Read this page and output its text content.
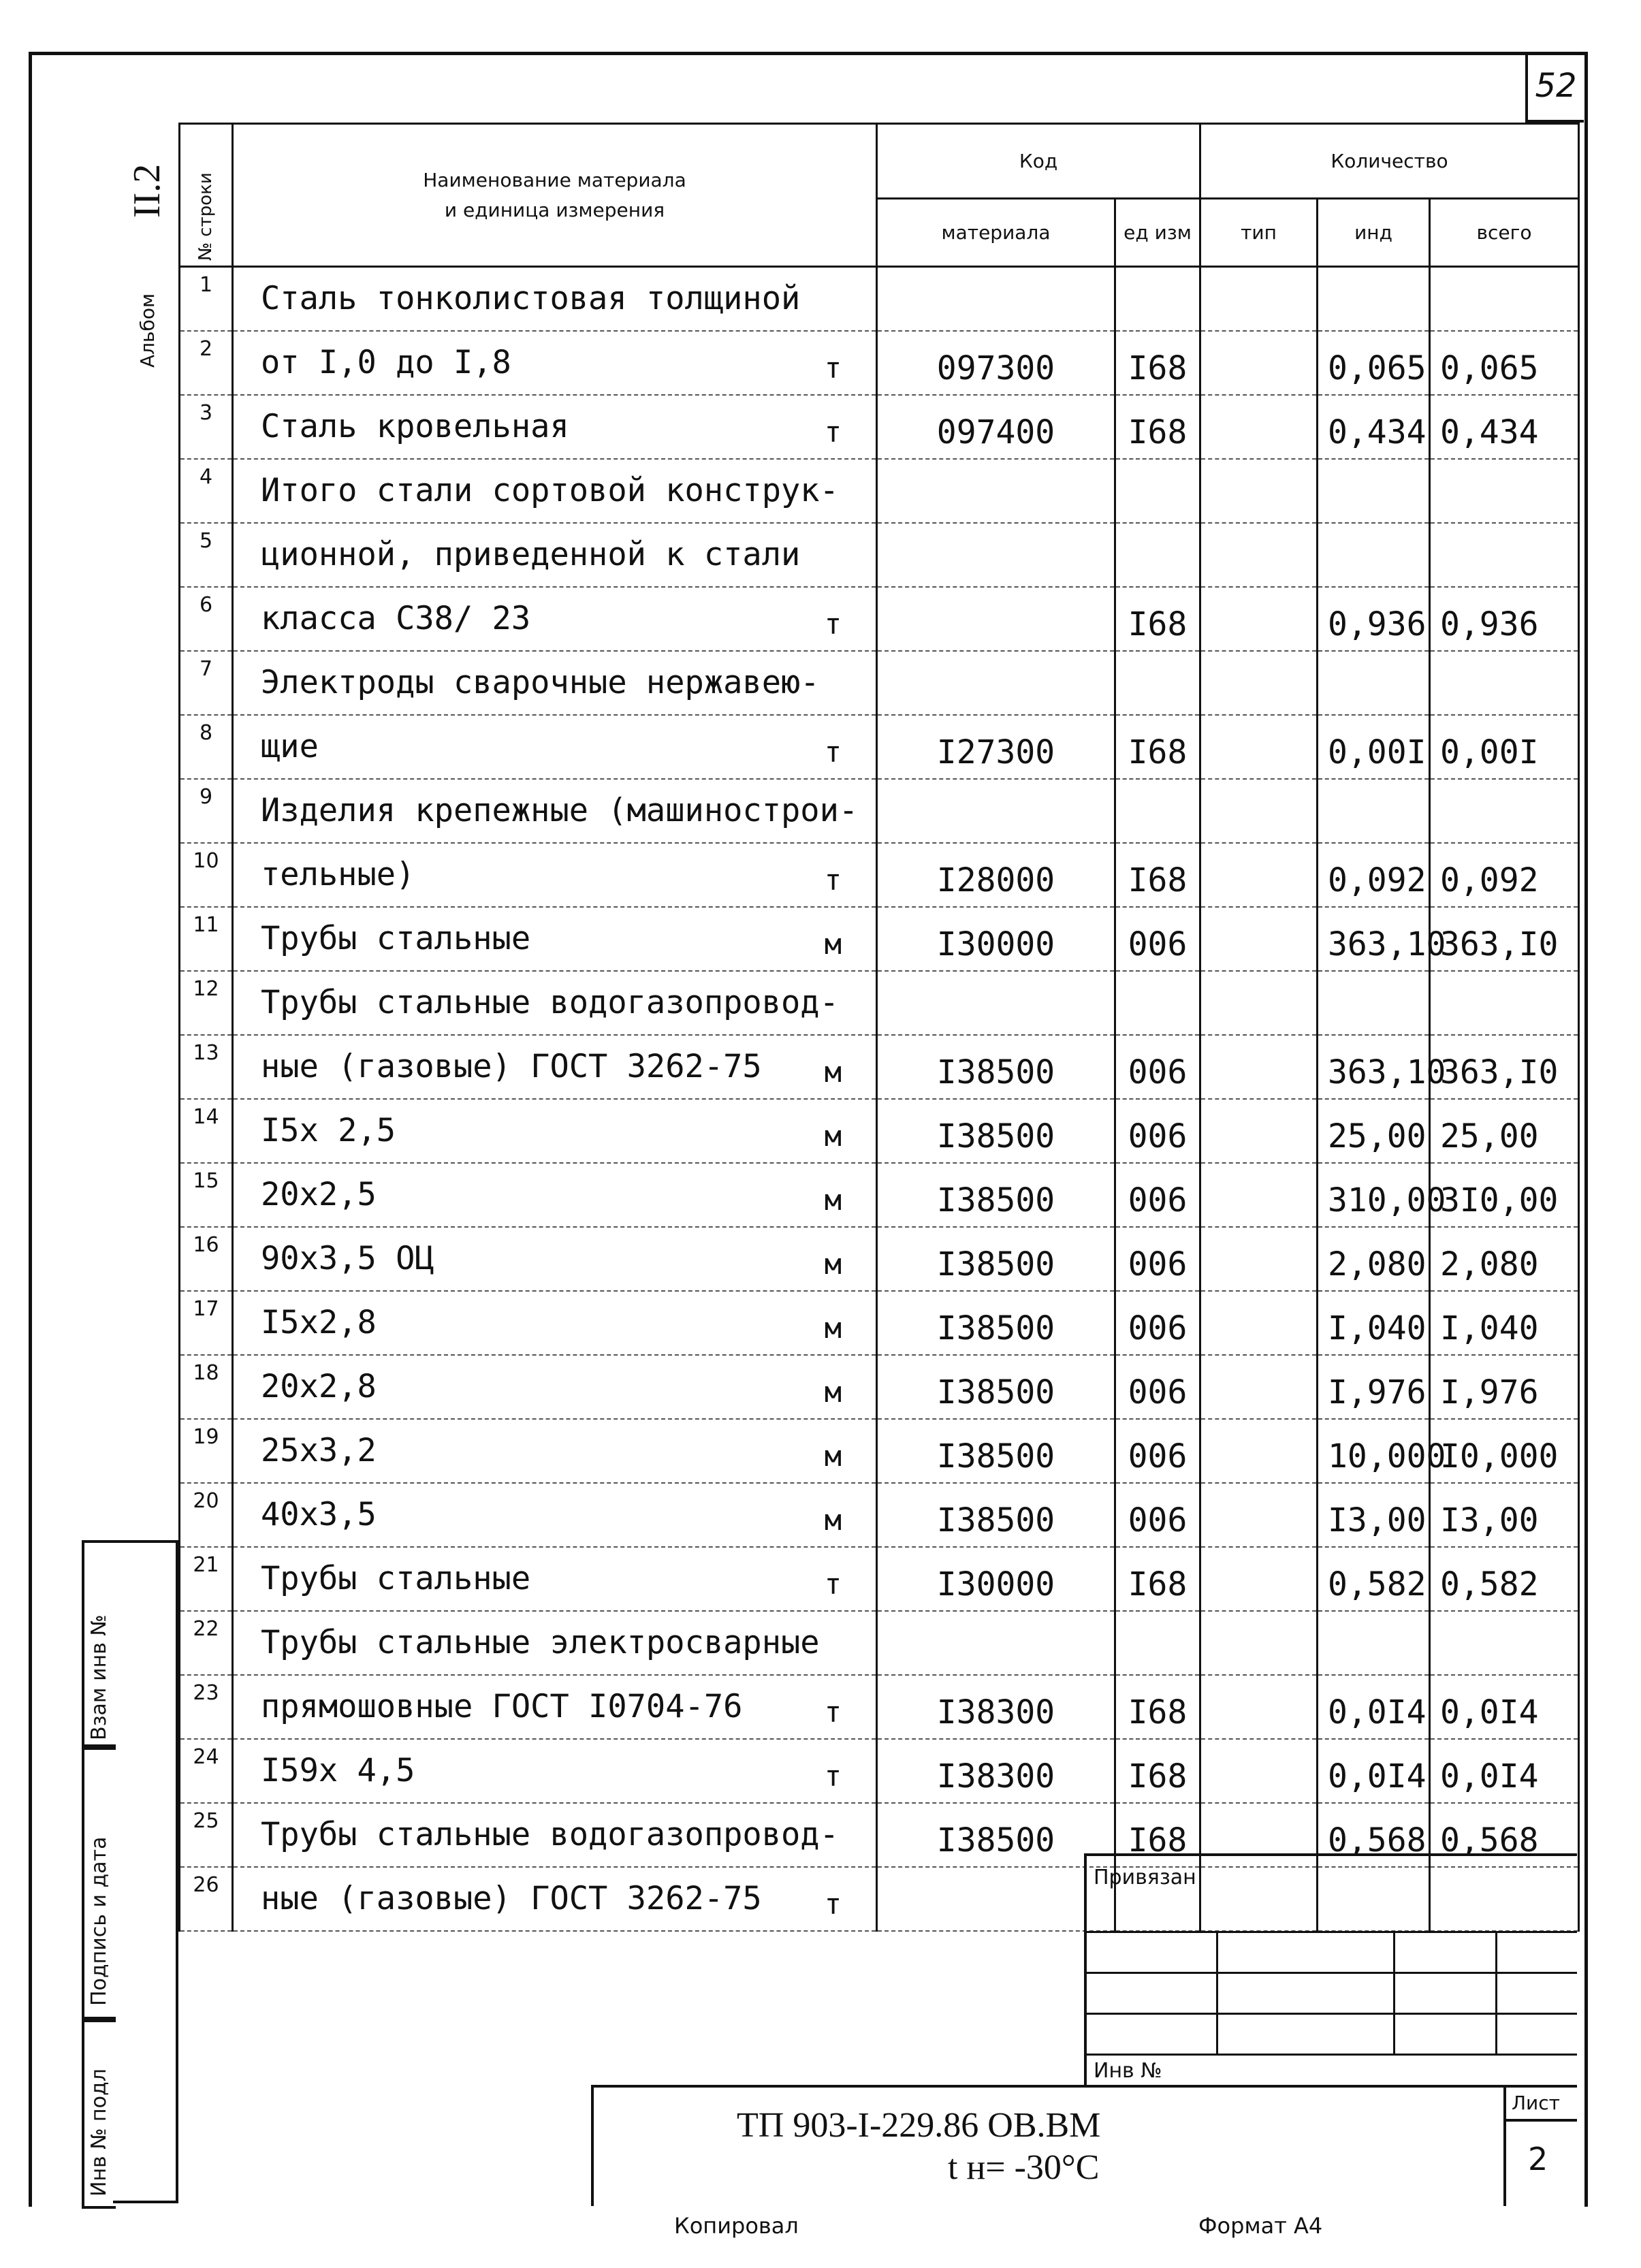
52
Альбом
II.2 № строки	Наименование материала
и единица измерения	Код		Количество		
		материала	ед изм	тип	инд	всего
1	Сталь тонколистовая толщиной

2	от I,0 до I,8 т	097300	I68		0,065	0,065
3	Сталь кровельная т	097400	I68		0,434	0,434
4	Итого стали сортовой конструк-

5	ционной, приведенной к стали

6	класса С38/ 23 т		I68		0,936	0,936
7	Электроды сварочные нержавею-

8	щие т	I27300	I68		0,00I	0,00I
9	Изделия крепежные (машинострои-

10	тельные) т	I28000	I68		0,092	0,092
11	Трубы стальные м	I30000	006		363,10	363,I0
12	Трубы стальные водогазопровод-

13	ные (газовые) ГОСТ 3262-75 м	I38500	006		363,10	363,I0
14	I5x 2,5 м	I38500	006		25,00	25,00
15	20x2,5 м	I38500	006		310,00	3I0,00
16	90x3,5 ОЦ м	I38500	006		2,080	2,080
17	I5x2,8 м	I38500	006		I,040	I,040
18	20x2,8 м	I38500	006		I,976	I,976
19	25x3,2 м	I38500	006		10,000	I0,000
20	40x3,5 м	I38500	006		I3,00	I3,00
21	Трубы стальные т	I30000	I68		0,582	0,582
22	Трубы стальные электросварные

23	прямошовные ГОСТ I0704-76 т	I38300	I68		0,0I4	0,0I4
24	I59x 4,5 т	I38300	I68		0,0I4	0,0I4
25	Трубы стальные водогазопровод-	I38500	I68		0,568	0,568
26	ные (газовые) ГОСТ 3262-75 т					

Взам инв №
Подпись и дата
Инв № подл
Привязан
Инв №
ТП 903-I-229.86 ОВ.ВМ
t н= -30°C
Лист
2
Копировал	Формат А4
